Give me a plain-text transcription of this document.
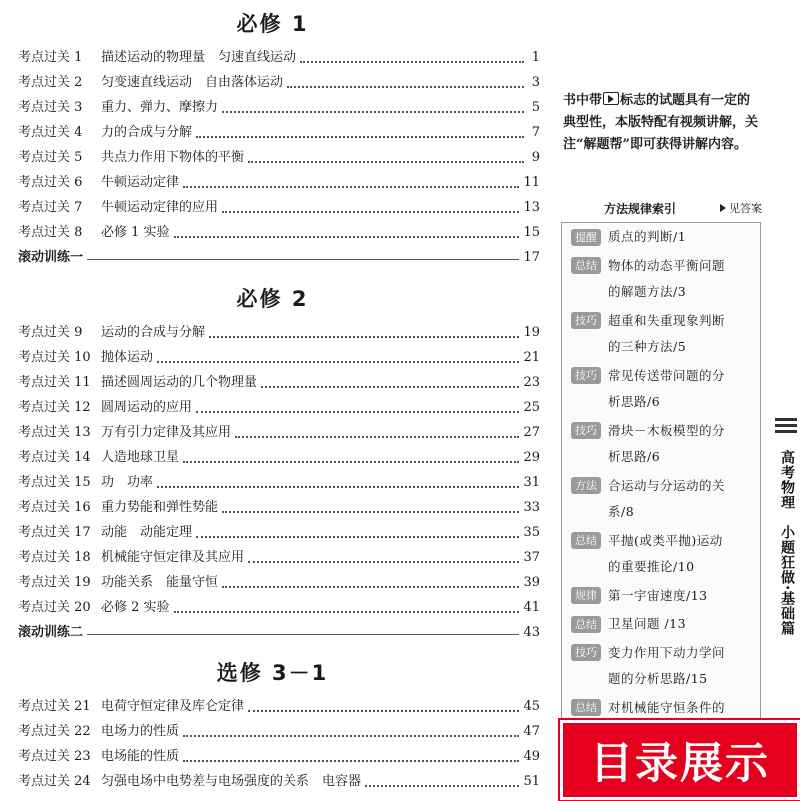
必修 1
考点过关 1	描述运动的物理量　匀速直线运动	1
考点过关 2	匀变速直线运动　自由落体运动	3
考点过关 3	重力、弹力、摩擦力	5
考点过关 4	力的合成与分解	7
考点过关 5	共点力作用下物体的平衡	9
考点过关 6	牛顿运动定律	11
考点过关 7	牛顿运动定律的应用	13
考点过关 8	必修 1 实验	15
滚动训练一	17
必修 2
考点过关 9	运动的合成与分解	19
考点过关 10 抛体运动	21
考点过关 11 描述圆周运动的几个物理量	23
考点过关 12 圆周运动的应用	25
考点过关 13 万有引力定律及其应用	27
考点过关 14 人造地球卫星	29
考点过关 15 功　功率	31
考点过关 16 重力势能和弹性势能	33
考点过关 17 动能　动能定理	35
考点过关 18 机械能守恒定律及其应用	37
考点过关 19 功能关系　能量守恒	39
考点过关 20 必修 2 实验	41
滚动训练二	43
选修 3－1
考点过关 21 电荷守恒定律及库仑定律	45
考点过关 22 电场力的性质	47
考点过关 23 电场能的性质	49
考点过关 24 匀强电场中电势差与电场强度的关系　电容器	51

书中带 标志的试题具有一定的典型性，本版特配有视频讲解，关注“解题帮”即可获得讲解内容。

方法规律索引	见答案
提醒 质点的判断/1
总结 物体的动态平衡问题
的解题方法/3
技巧 超重和失重现象判断
的三种方法/5
技巧 常见传送带问题的分
析思路/6
技巧 滑块－木板模型的分
析思路/6
方法 合运动与分运动的关
系/8
总结 平抛(或类平抛)运动
的重要推论/10
规律 第一宇宙速度/13
总结 卫星问题 /13
技巧 变力作用下动力学问
题的分析思路/15
总结 对机械能守恒条件的
高考物理　小题狂做·基础篇
目录展示
